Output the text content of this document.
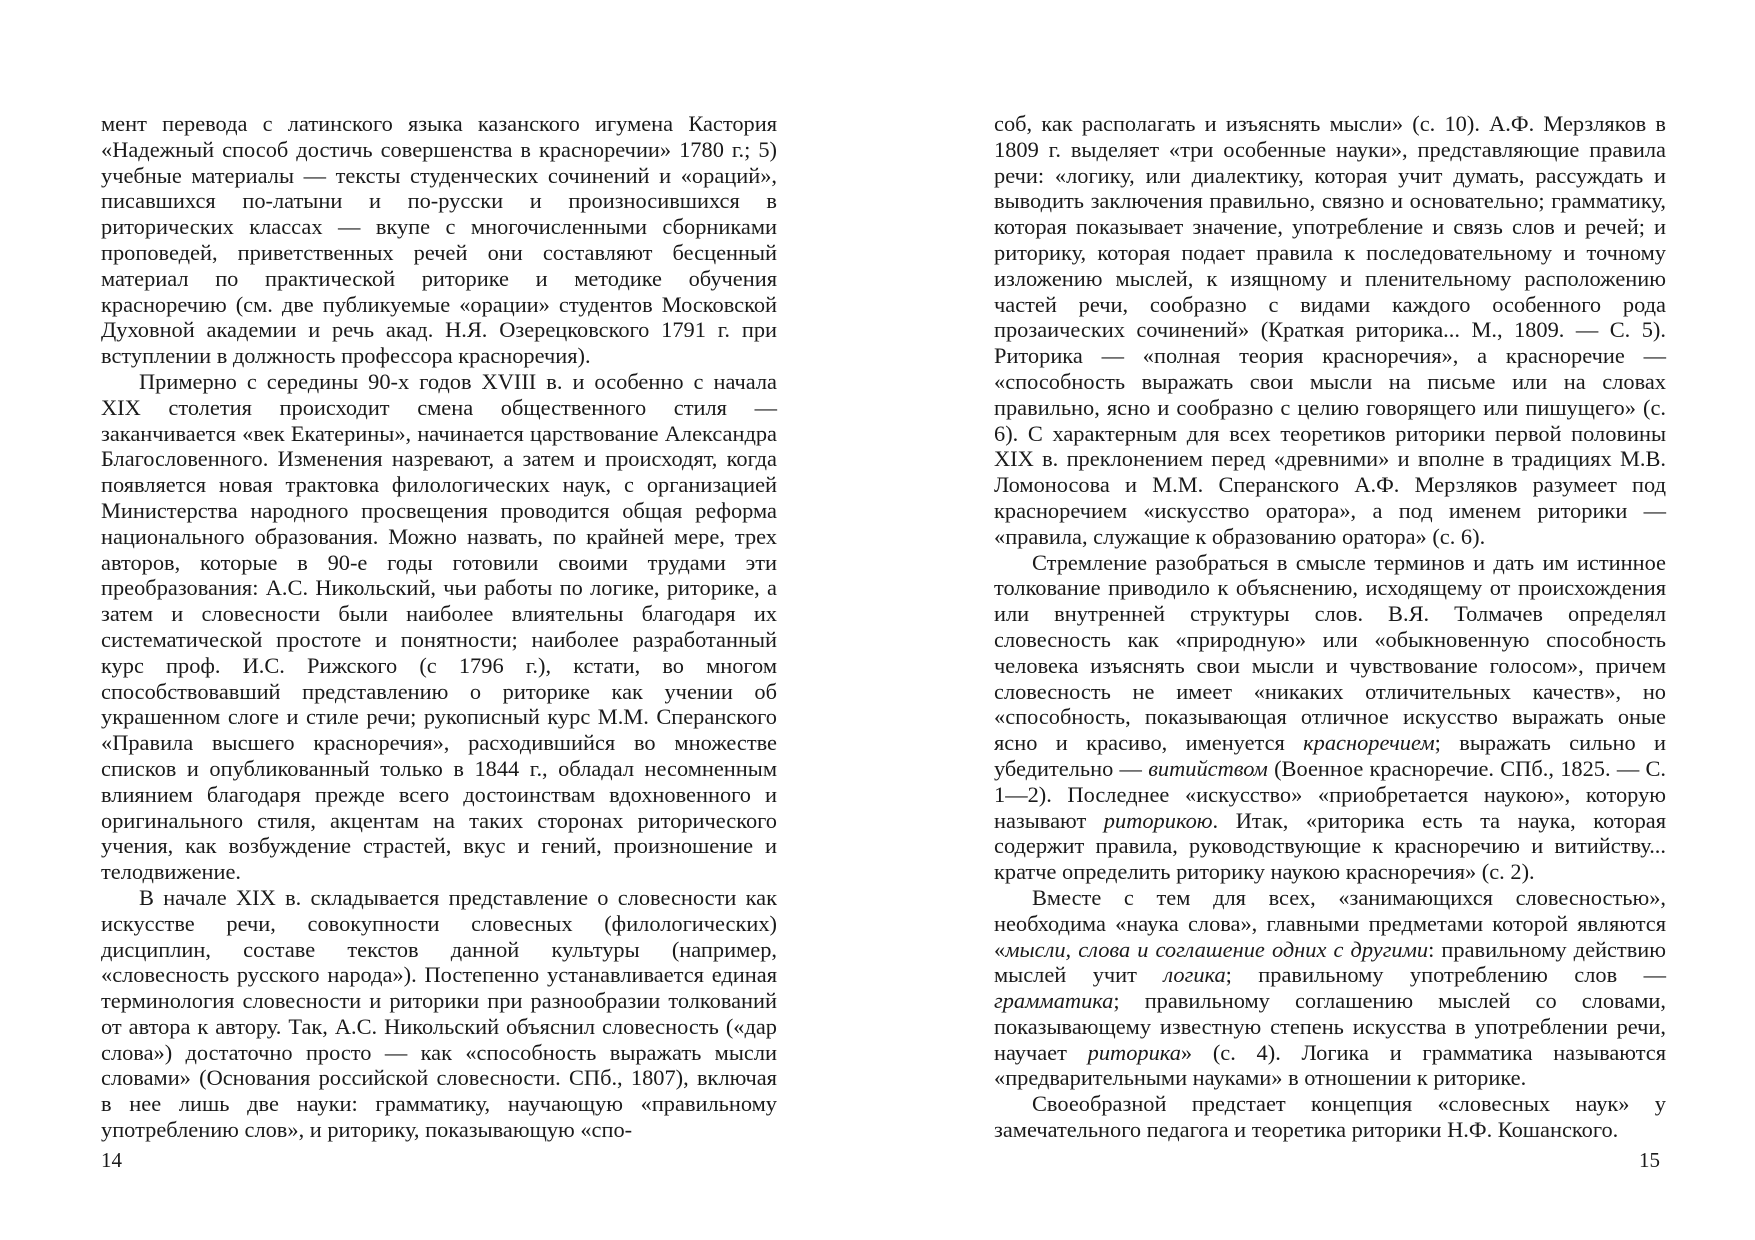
мент перевода с латинского языка казанского игумена Кастория «Надежный способ достичь совершенства в красноречии» 1780 г.; 5) учебные материалы — тексты студенческих сочинений и «ораций», писавшихся по-латыни и по-русски и произносившихся в риторических классах — вкупе с многочисленными сборниками проповедей, приветственных речей они составляют бесценный материал по практической риторике и методике обучения красноречию (см. две публикуемые «орации» студентов Московской Духовной академии и речь акад. Н.Я. Озерецковского 1791 г. при вступлении в должность профессора красноречия).

Примерно с середины 90-х годов XVIII в. и особенно с начала XIX столетия происходит смена общественного стиля — заканчивается «век Екатерины», начинается царствование Александра Благословенного. Изменения назревают, а затем и происходят, когда появляется новая трактовка филологических наук, с организацией Министерства народного просвещения проводится общая реформа национального образования. Можно назвать, по крайней мере, трех авторов, которые в 90-е годы готовили своими трудами эти преобразования: А.С. Никольский, чьи работы по логике, риторике, а затем и словесности были наиболее влиятельны благодаря их систематической простоте и понятности; наиболее разработанный курс проф. И.С. Рижского (с 1796 г.), кстати, во многом способствовавший представлению о риторике как учении об украшенном слоге и стиле речи; рукописный курс М.М. Сперанского «Правила высшего красноречия», расходившийся во множестве списков и опубликованный только в 1844 г., обладал несомненным влиянием благодаря прежде всего достоинствам вдохновенного и оригинального стиля, акцентам на таких сторонах риторического учения, как возбуждение страстей, вкус и гений, произношение и телодвижение.

В начале XIX в. складывается представление о словесности как искусстве речи, совокупности словесных (филологических) дисциплин, составе текстов данной культуры (например, «словесность русского народа»). Постепенно устанавливается единая терминология словесности и риторики при разнообразии толкований от автора к автору. Так, А.С. Никольский объяснил словесность («дар слова») достаточно просто — как «способность выражать мысли словами» (Основания российской словесности. СПб., 1807), включая в нее лишь две науки: грамматику, научающую «правильному употреблению слов», и риторику, показывающую «спо-

14

соб, как располагать и изъяснять мысли» (с. 10). А.Ф. Мерзляков в 1809 г. выделяет «три особенные науки», представляющие правила речи: «логику, или диалектику, которая учит думать, рассуждать и выводить заключения правильно, связно и основательно; грамматику, которая показывает значение, употребление и связь слов и речей; и риторику, которая подает правила к последовательному и точному изложению мыслей, к изящному и пленительному расположению частей речи, сообразно с видами каждого особенного рода прозаических сочинений» (Краткая риторика... М., 1809. — С. 5). Риторика — «полная теория красноречия», а красноречие — «способность выражать свои мысли на письме или на словах правильно, ясно и сообразно с целию говорящего или пишущего» (с. 6). С характерным для всех теоретиков риторики первой половины XIX в. преклонением перед «древними» и вполне в традициях М.В. Ломоносова и М.М. Сперанского А.Ф. Мерзляков разумеет под красноречием «искусство оратора», а под именем риторики — «правила, служащие к образованию оратора» (с. 6).

Стремление разобраться в смысле терминов и дать им истинное толкование приводило к объяснению, исходящему от происхождения или внутренней структуры слов. В.Я. Толмачев определял словесность как «природную» или «обыкновенную способность человека изъяснять свои мысли и чувствование голосом», причем словесность не имеет «никаких отличительных качеств», но «способность, показывающая отличное искусство выражать оные ясно и красиво, именуется красноречием; выражать сильно и убедительно — витийством (Военное красноречие. СПб., 1825. — С. 1—2). Последнее «искусство» «приобретается наукою», которую называют риторикою. Итак, «риторика есть та наука, которая содержит правила, руководствующие к красноречию и витийству... кратче определить риторику наукою красноречия» (с. 2).

Вместе с тем для всех, «занимающихся словесностью», необходима «наука слова», главными предметами которой являются «мысли, слова и соглашение одних с другими: правильному действию мыслей учит логика; правильному употреблению слов — грамматика; правильному соглашению мыслей со словами, показывающему известную степень искусства в употреблении речи, научает риторика» (с. 4). Логика и грамматика называются «предварительными науками» в отношении к риторике.

Своеобразной предстает концепция «словесных наук» у замечательного педагога и теоретика риторики Н.Ф. Кошанского.

15
